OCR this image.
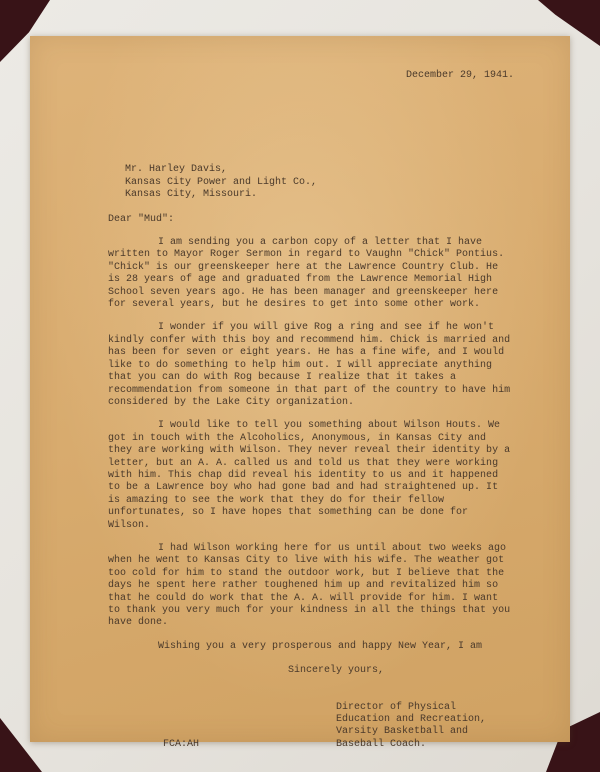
December 29, 1941.
Mr. Harley Davis,
Kansas City Power and Light Co.,
Kansas City, Missouri.
Dear "Mud":

I am sending you a carbon copy of a letter that I have written to Mayor Roger Sermon in regard to Vaughn "Chick" Pontius. "Chick" is our greenskeeper here at the Lawrence Country Club. He is 28 years of age and graduated from the Lawrence Memorial High School seven years ago. He has been manager and greenskeeper here for several years, but he desires to get into some other work.

I wonder if you will give Rog a ring and see if he won't kindly confer with this boy and recommend him. Chick is married and has been for seven or eight years. He has a fine wife, and I would like to do something to help him out. I will appreciate anything that you can do with Rog because I realize that it takes a recommendation from someone in that part of the country to have him considered by the Lake City organization.

I would like to tell you something about Wilson Houts. We got in touch with the Alcoholics, Anonymous, in Kansas City and they are working with Wilson. They never reveal their identity by a letter, but an A. A. called us and told us that they were working with him. This chap did reveal his identity to us and it happened to be a Lawrence boy who had gone bad and had straightened up. It is amazing to see the work that they do for their fellow unfortunates, so I have hopes that something can be done for Wilson.

I had Wilson working here for us until about two weeks ago when he went to Kansas City to live with his wife. The weather got too cold for him to stand the outdoor work, but I believe that the days he spent here rather toughened him up and revitalized him so that he could do work that the A. A. will provide for him. I want to thank you very much for your kindness in all the things that you have done.

Wishing you a very prosperous and happy New Year, I am
Sincerely yours,
FCA:AH
Director of Physical Education and Recreation,
Varsity Basketball and Baseball Coach.
